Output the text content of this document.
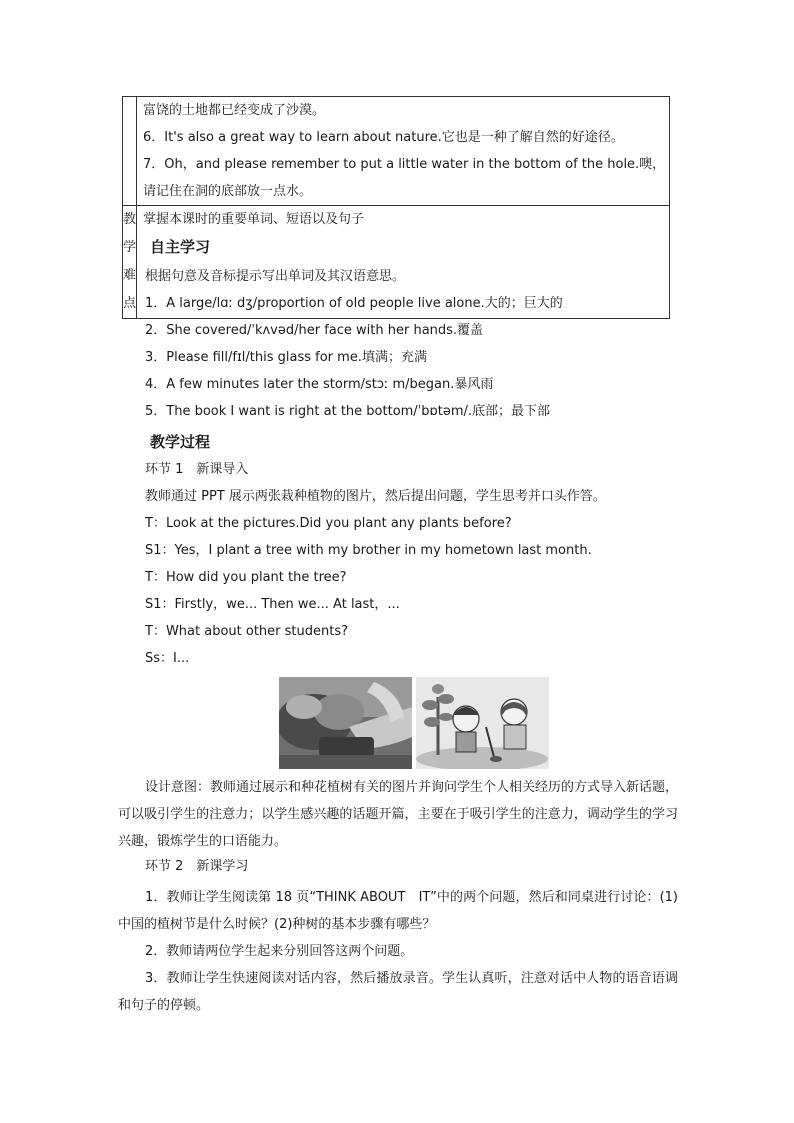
	富饶的土地都已经变成了沙漠。
6．It's also a great way to learn about nature.它也是一种了解自然的好途径。
7．Oh，and please remember to put a little water in the bottom of the hole.噢，
请记住在洞的底部放一点水。

教学难点	掌握本课时的重要单词、短语以及句子
自主学习
根据句意及音标提示写出单词及其汉语意思。
1．A large/lɑː dʒ/proportion of old people live alone.大的；巨大的
2．She covered/ˈkʌvəd/her face with her hands.覆盖
3．Please fill/fɪl/this glass for me.填满；充满
4．A few minutes later the storm/stɔː m/began.暴风雨
5．The book I want is right at the bottom/ˈbɒtəm/.底部；最下部
教学过程
环节 1　新课导入
教师通过 PPT 展示两张栽种植物的图片，然后提出问题，学生思考并口头作答。
T：Look at the pictures.Did you plant any plants before?
S1：Yes，I plant a tree with my brother in my hometown last month.
T：How did you plant the tree?
S1：Firstly，we... Then we... At last，...
T：What about other students?
Ss：I...
设计意图：教师通过展示和种花植树有关的图片并询问学生个人相关经历的方式导入新话题，可以吸引学生的注意力；以学生感兴趣的话题开篇，主要在于吸引学生的注意力，调动学生的学习兴趣，锻炼学生的口语能力。
环节 2　新课学习
1．教师让学生阅读第 18 页“THINK ABOUT　IT”中的两个问题，然后和同桌进行讨论：(1)中国的植树节是什么时候？(2)种树的基本步骤有哪些？
2．教师请两位学生起来分别回答这两个问题。
3．教师让学生快速阅读对话内容，然后播放录音。学生认真听，注意对话中人物的语音语调和句子的停顿。
